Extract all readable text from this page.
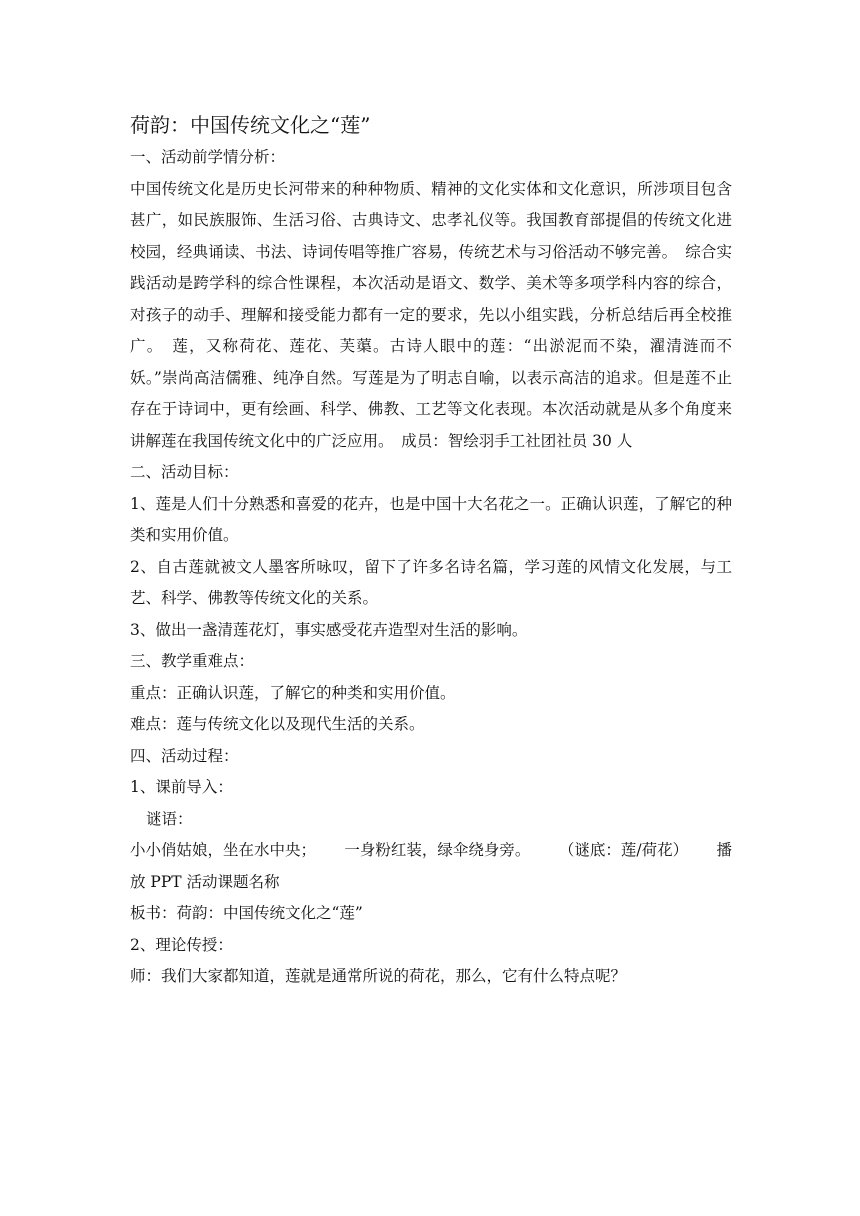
荷韵：中国传统文化之“莲”

一、活动前学情分析：

中国传统文化是历史长河带来的种种物质、精神的文化实体和文化意识，所涉项目包含甚广，如民族服饰、生活习俗、古典诗文、忠孝礼仪等。我国教育部提倡的传统文化进校园，经典诵读、书法、诗词传唱等推广容易，传统艺术与习俗活动不够完善。　综合实践活动是跨学科的综合性课程，本次活动是语文、数学、美术等多项学科内容的综合，对孩子的动手、理解和接受能力都有一定的要求，先以小组实践，分析总结后再全校推广。　莲，又称荷花、莲花、芙蕖。古诗人眼中的莲：“出淤泥而不染，濯清涟而不妖。”崇尚高洁儒雅、纯净自然。写莲是为了明志自喻，以表示高洁的追求。但是莲不止存在于诗词中，更有绘画、科学、佛教、工艺等文化表现。本次活动就是从多个角度来讲解莲在我国传统文化中的广泛应用。　成员：智绘羽手工社团社员 30 人

二、活动目标：

1、莲是人们十分熟悉和喜爱的花卉，也是中国十大名花之一。正确认识莲，了解它的种类和实用价值。

2、自古莲就被文人墨客所咏叹，留下了许多名诗名篇，学习莲的风情文化发展，与工艺、科学、佛教等传统文化的关系。

3、做出一盏清莲花灯，事实感受花卉造型对生活的影响。

三、教学重难点：

重点：正确认识莲，了解它的种类和实用价值。

难点：莲与传统文化以及现代生活的关系。

四、活动过程：

1、课前导入：

谜语：

小小俏姑娘，坐在水中央； 一身粉红装，绿伞绕身旁。 （谜底：莲/荷花） 播

放 PPT 活动课题名称

板书：荷韵：中国传统文化之“莲”

2、理论传授：

师：我们大家都知道，莲就是通常所说的荷花，那么，它有什么特点呢？
